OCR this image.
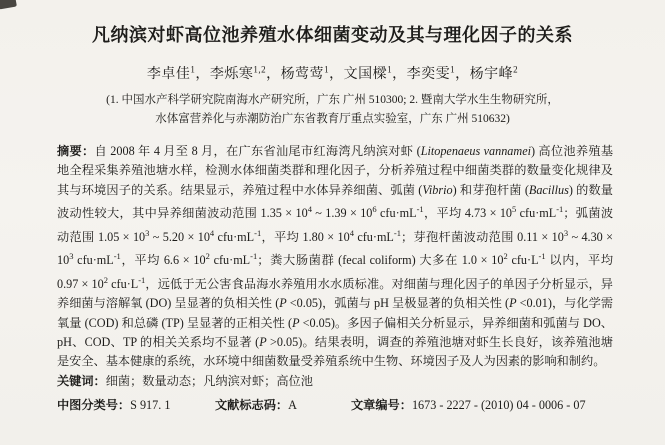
凡纳滨对虾高位池养殖水体细菌变动及其与理化因子的关系
李卓佳$^1$，李烁寒$^{1,2}$，杨莺莺$^1$，文国樑$^1$，李奕雯$^1$，杨宇峰$^2$
(1. 中国水产科学研究院南海水产研究所，广东 广州 510300; 2. 暨南大学水生生物研究所，
水体富营养化与赤潮防治广东省教育厅重点实验室，广东 广州 510632)

摘要：自 2008 年 4 月至 8 月，在广东省汕尾市红海湾凡纳滨对虾 (Litopenaeus vannamei) 高位池养殖基地全程采集养殖池塘水样，检测水体细菌类群和理化因子，分析养殖过程中细菌类群的数量变化规律及其与环境因子的关系。结果显示，养殖过程中水体异养细菌、弧菌 (Vibrio) 和芽孢杆菌 (Bacillus) 的数量波动性较大，其中异养细菌波动范围 $1.35 \times 10^4$ ~ $1.39 \times 10^6$ $cfu\cdot mL^{-1}$，平均 $4.73 \times 10^5$ $cfu\cdot mL^{-1}$；弧菌波动范围 $1.05 \times 10^3$ ~ $5.20 \times 10^4$ $cfu\cdot mL^{-1}$，平均 $1.80 \times 10^4$ $cfu\cdot mL^{-1}$；芽孢杆菌波动范围 $0.11 \times 10^3$ ~ $4.30 \times 10^3$ $cfu\cdot mL^{-1}$，平均 $6.6 \times 10^2$ $cfu\cdot mL^{-1}$；粪大肠菌群 (fecal coliform) 大多在 $1.0 \times 10^2$ $cfu\cdot L^{-1}$ 以内，平均 $0.97 \times 10^2$ $cfu\cdot L^{-1}$，远低于无公害食品海水养殖用水水质标准。对细菌与理化因子的单因子分析显示，异养细菌与溶解氧 (DO) 呈显著的负相关性 (P <0.05)，弧菌与 pH 呈极显著的负相关性 (P <0.01)，与化学需氧量 (COD) 和总磷 (TP) 呈显著的正相关性 (P <0.05)。多因子偏相关分析显示，异养细菌和弧菌与 DO、pH、COD、TP 的相关关系均不显著 (P >0.05)。结果表明，调查的养殖池塘对虾生长良好，该养殖池塘是安全、基本健康的系统，水环境中细菌数量受养殖系统中生物、环境因子及人为因素的影响和制约。

关键词：细菌；数量动态；凡纳滨对虾；高位池

中图分类号：S 917. 1	文献标志码：A	文章编号：1673 - 2227 - (2010) 04 - 0006 - 07
